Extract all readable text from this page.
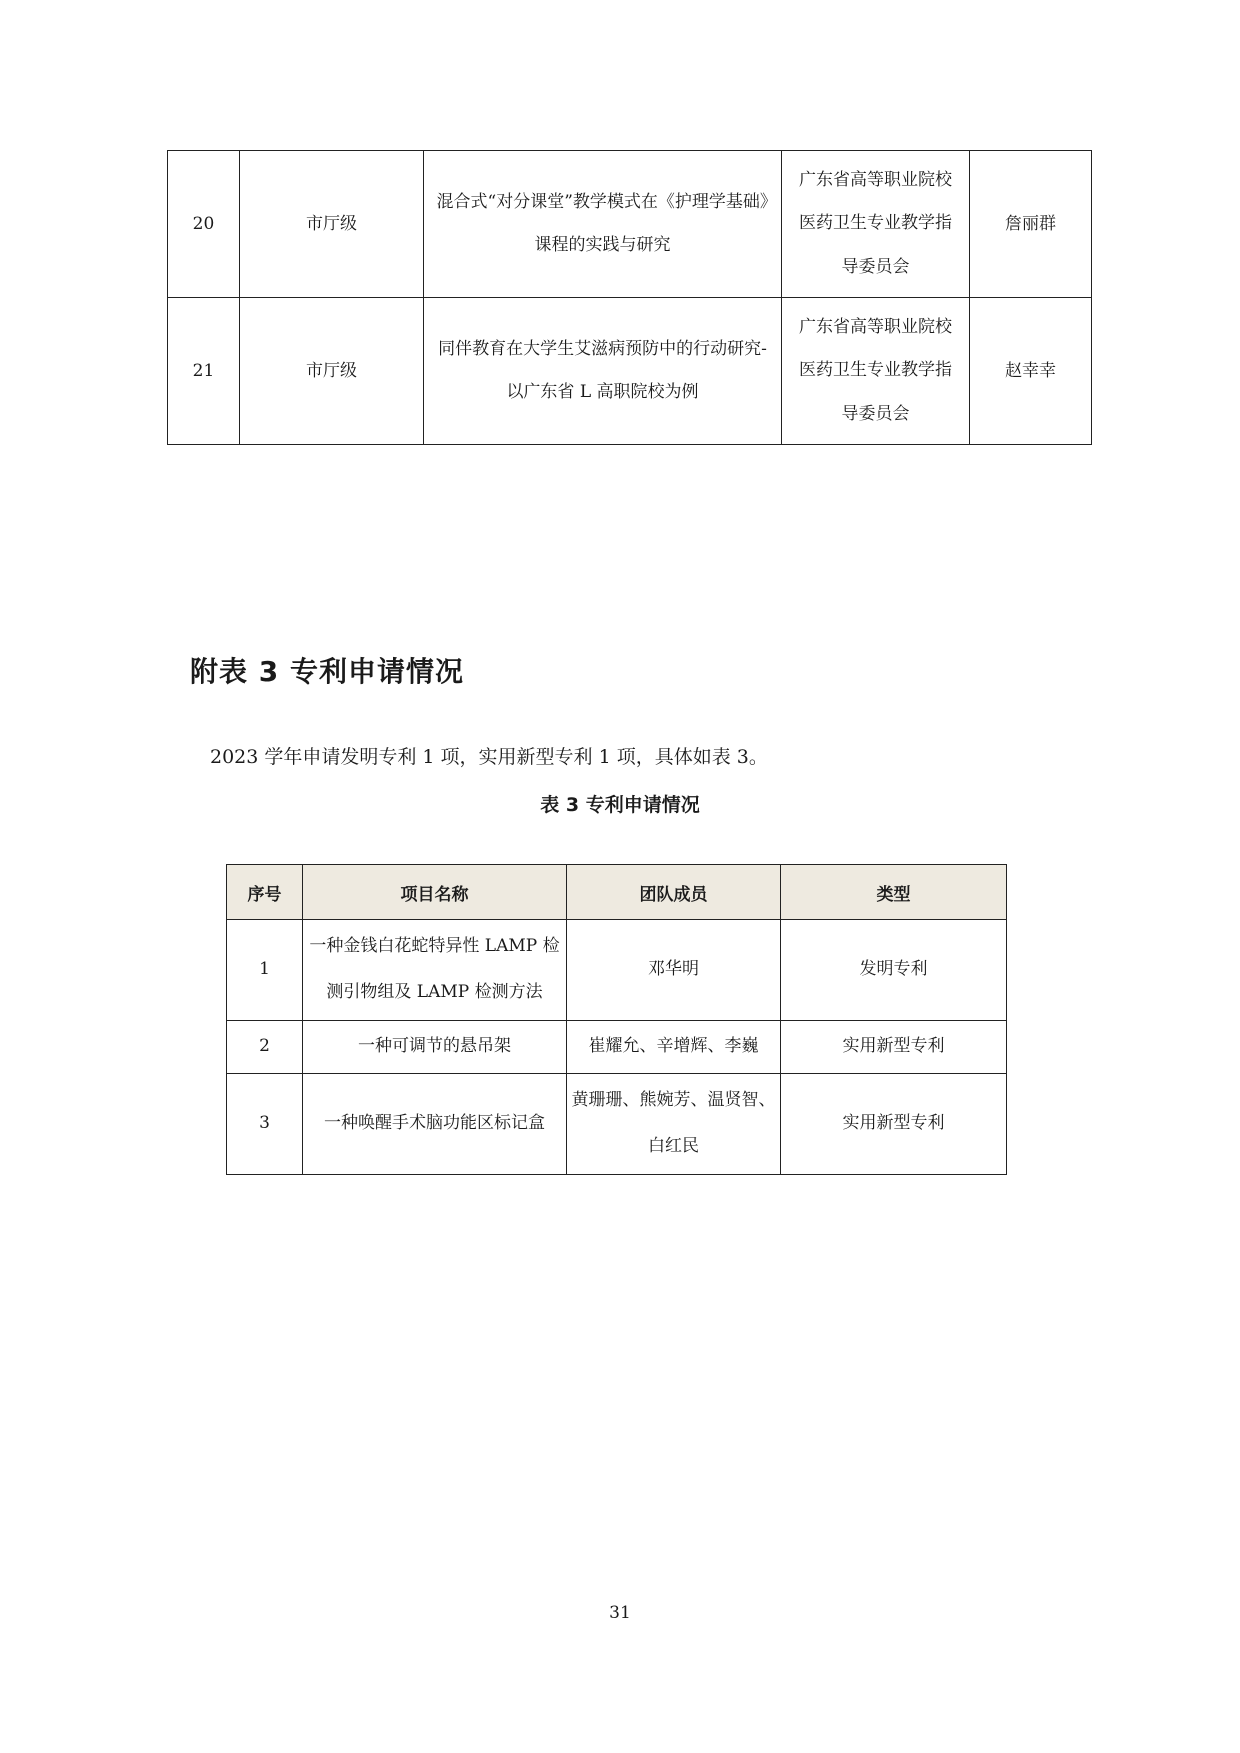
20	市厅级	混合式“对分课堂”教学模式在《护理学基础》课程的实践与研究	广东省高等职业院校医药卫生专业教学指导委员会	詹丽群
21	市厅级	同伴教育在大学生艾滋病预防中的行动研究-以广东省 L 高职院校为例	广东省高等职业院校医药卫生专业教学指导委员会	赵幸幸
附表 3 专利申请情况

2023 学年申请发明专利 1 项，实用新型专利 1 项，具体如表 3。

表 3 专利申请情况

序号	项目名称	团队成员	类型
1	一种金钱白花蛇特异性 LAMP 检测引物组及 LAMP 检测方法	邓华明	发明专利
2	一种可调节的悬吊架	崔耀允、辛增辉、李巍	实用新型专利
3	一种唤醒手术脑功能区标记盒	黄珊珊、熊婉芳、温贤智、白红民	实用新型专利
31
